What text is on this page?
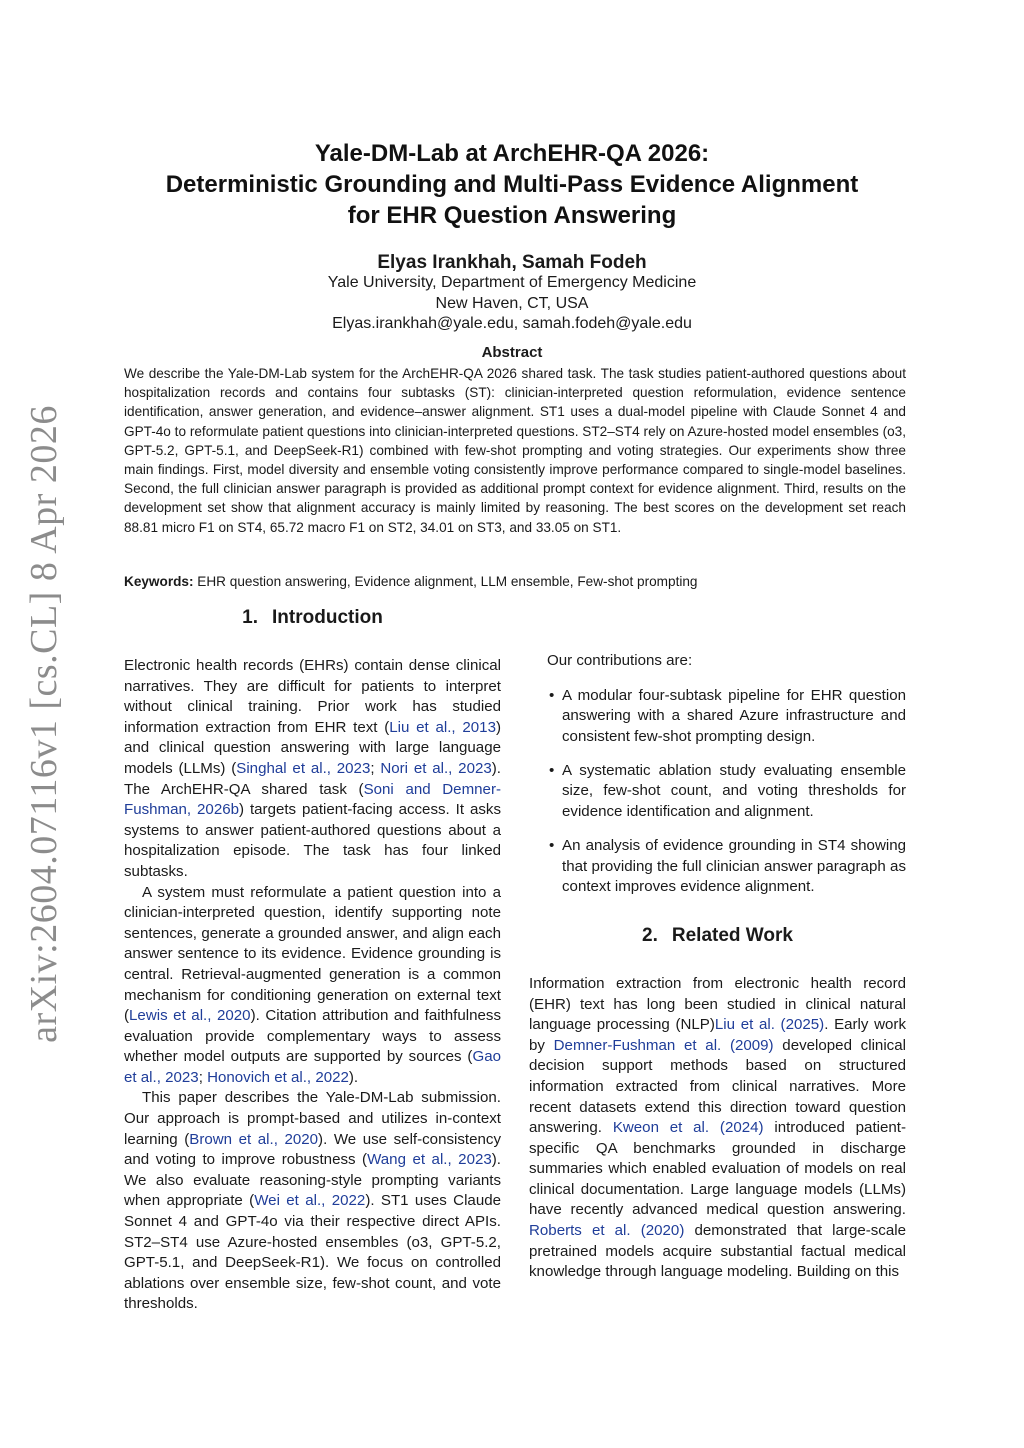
arXiv:2604.07116v1 [cs.CL] 8 Apr 2026
Yale-DM-Lab at ArchEHR-QA 2026:
Deterministic Grounding and Multi-Pass Evidence Alignment
for EHR Question Answering
Elyas Irankhah, Samah Fodeh
Yale University, Department of Emergency Medicine
New Haven, CT, USA
Elyas.irankhah@yale.edu, samah.fodeh@yale.edu
Abstract
We describe the Yale-DM-Lab system for the ArchEHR-QA 2026 shared task. The task studies patient-authored questions about hospitalization records and contains four subtasks (ST): clinician-interpreted question reformulation, evidence sentence identification, answer generation, and evidence–answer alignment. ST1 uses a dual-model pipeline with Claude Sonnet 4 and GPT-4o to reformulate patient questions into clinician-interpreted questions. ST2–ST4 rely on Azure-hosted model ensembles (o3, GPT-5.2, GPT-5.1, and DeepSeek-R1) combined with few-shot prompting and voting strategies. Our experiments show three main findings. First, model diversity and ensemble voting consistently improve performance compared to single-model baselines. Second, the full clinician answer paragraph is provided as additional prompt context for evidence alignment. Third, results on the development set show that alignment accuracy is mainly limited by reasoning. The best scores on the development set reach 88.81 micro F1 on ST4, 65.72 macro F1 on ST2, 34.01 on ST3, and 33.05 on ST1.
Keywords: EHR question answering, Evidence alignment, LLM ensemble, Few-shot prompting
1. Introduction

Electronic health records (EHRs) contain dense clinical narratives. They are difficult for patients to interpret without clinical training. Prior work has studied information extraction from EHR text (Liu et al., 2013) and clinical question answering with large language models (LLMs) (Singhal et al., 2023; Nori et al., 2023). The ArchEHR-QA shared task (Soni and Demner-Fushman, 2026b) targets patient-facing access. It asks systems to answer patient-authored questions about a hospitalization episode. The task has four linked subtasks.

A system must reformulate a patient question into a clinician-interpreted question, identify supporting note sentences, generate a grounded answer, and align each answer sentence to its evidence. Evidence grounding is central. Retrieval-augmented generation is a common mechanism for conditioning generation on external text (Lewis et al., 2020). Citation attribution and faithfulness evaluation provide complementary ways to assess whether model outputs are supported by sources (Gao et al., 2023; Honovich et al., 2022).

This paper describes the Yale-DM-Lab submission. Our approach is prompt-based and utilizes in-context learning (Brown et al., 2020). We use self-consistency and voting to improve robustness (Wang et al., 2023). We also evaluate reasoning-style prompting variants when appropriate (Wei et al., 2022). ST1 uses Claude Sonnet 4 and GPT-4o via their respective direct APIs. ST2–ST4 use Azure-hosted ensembles (o3, GPT-5.2, GPT-5.1, and DeepSeek-R1). We focus on controlled ablations over ensemble size, few-shot count, and vote thresholds.

Our contributions are:

• A modular four-subtask pipeline for EHR question answering with a shared Azure infrastructure and consistent few-shot prompting design.
• A systematic ablation study evaluating ensemble size, few-shot count, and voting thresholds for evidence identification and alignment.
• An analysis of evidence grounding in ST4 showing that providing the full clinician answer paragraph as context improves evidence alignment.
2. Related Work

Information extraction from electronic health record (EHR) text has long been studied in clinical natural language processing (NLP)Liu et al. (2025). Early work by Demner-Fushman et al. (2009) developed clinical decision support methods based on structured information extracted from clinical narratives. More recent datasets extend this direction toward question answering. Kweon et al. (2024) introduced patient-specific QA benchmarks grounded in discharge summaries which enabled evaluation of models on real clinical documentation. Large language models (LLMs) have recently advanced medical question answering. Roberts et al. (2020) demonstrated that large-scale pretrained models acquire substantial factual medical knowledge through language modeling. Building on this
